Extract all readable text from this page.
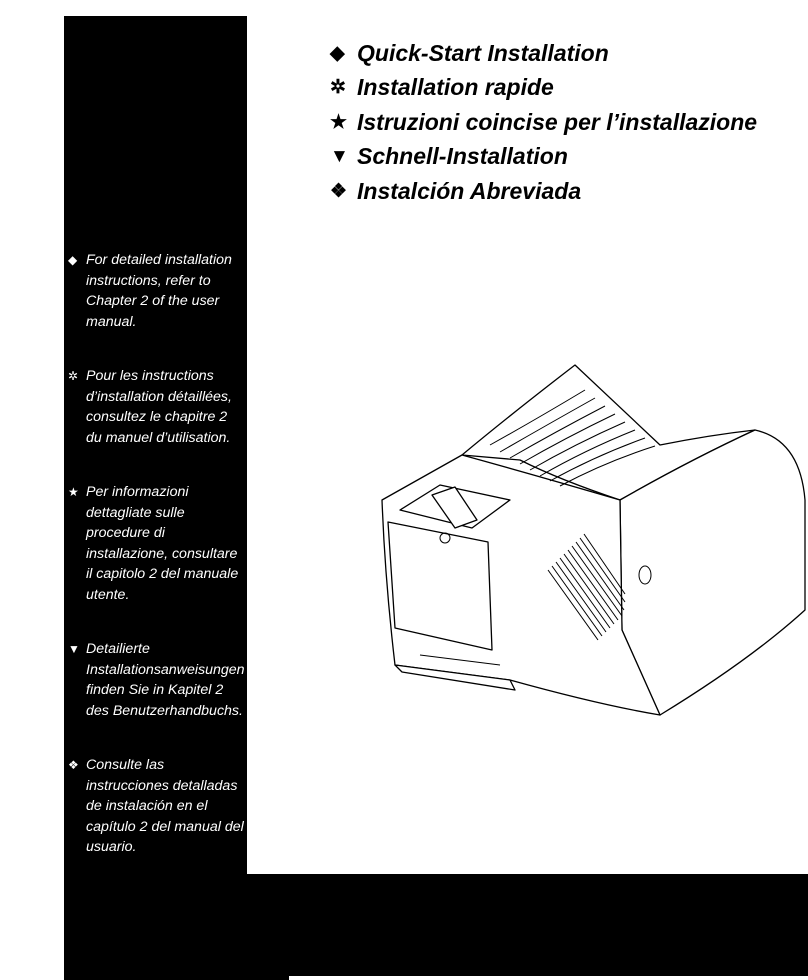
◆ Quick-Start Installation
✲ Installation rapide
★ Istruzioni coincise per l’installazione
▼ Schnell-Installation
❖ Instalción Abreviada
◆ For detailed installation instructions, refer to Chapter 2 of the user manual.
✲ Pour les instructions d’installation détaillées, consultez le chapitre 2 du manuel d’utilisation.
★ Per informazioni dettagliate sulle procedure di installazione, consultare il capitolo 2 del manuale utente.
▼ Detailierte Installationsanweisungen finden Sie in Kapitel 2 des Benutzerhandbuchs.
❖ Consulte las instrucciones detalladas de instalación en el capítulo 2 del manual del usuario.
